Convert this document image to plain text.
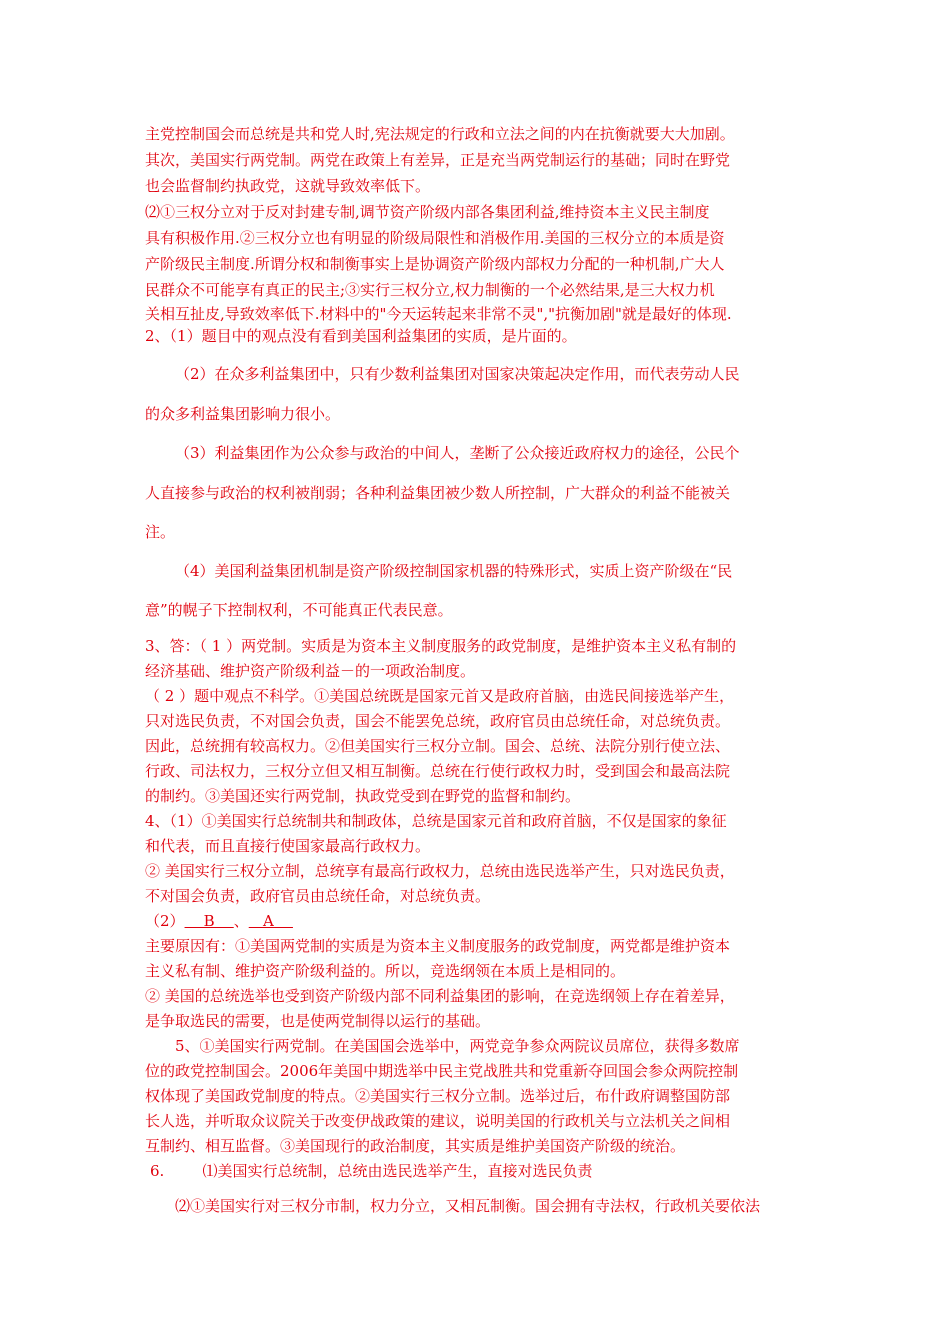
主党控制国会而总统是共和党人时,宪法规定的行政和立法之间的内在抗衡就要大大加剧。
其次，美国实行两党制。两党在政策上有差异，正是充当两党制运行的基础；同时在野党
也会监督制约执政党，这就导致效率低下。
⑵①三权分立对于反对封建专制,调节资产阶级内部各集团利益,维持资本主义民主制度
具有积极作用.②三权分立也有明显的阶级局限性和消极作用.美国的三权分立的本质是资
产阶级民主制度.所谓分权和制衡事实上是协调资产阶级内部权力分配的一种机制,广大人
民群众不可能享有真正的民主;③实行三权分立,权力制衡的一个必然结果,是三大权力机
关相互扯皮,导致效率低下.材料中的"今天运转起来非常不灵","抗衡加剧"就是最好的体现.
2、（1）题目中的观点没有看到美国利益集团的实质，是片面的。
（2）在众多利益集团中，只有少数利益集团对国家决策起决定作用，而代表劳动人民
的众多利益集团影响力很小。
（3）利益集团作为公众参与政治的中间人，垄断了公众接近政府权力的途径，公民个
人直接参与政治的权利被削弱；各种利益集团被少数人所控制，广大群众的利益不能被关
注。
（4）美国利益集团机制是资产阶级控制国家机器的特殊形式，实质上资产阶级在“民
意”的幌子下控制权利，不可能真正代表民意。
3、答：（ 1 ）两党制。实质是为资本主义制度服务的政党制度，是维护资本主义私有制的
经济基础、维护资产阶级利益－的一项政治制度。
（ 2 ）题中观点不科学。①美国总统既是国家元首又是政府首脑，由选民间接选举产生，
只对选民负责，不对国会负责，国会不能罢免总统，政府官员由总统任命，对总统负责。
因此，总统拥有较高权力。②但美国实行三权分立制。国会、总统、法院分别行使立法、
行政、司法权力，三权分立但又相互制衡。总统在行使行政权力时，受到国会和最高法院
的制约。③美国还实行两党制，执政党受到在野党的监督和制约。
4、（1）①美国实行总统制共和制政体，总统是国家元首和政府首脑，不仅是国家的象征
和代表，而且直接行使国家最高行政权力。
② 美国实行三权分立制，总统享有最高行政权力，总统由选民选举产生，只对选民负责，
不对国会负责，政府官员由总统任命，对总统负责。
（2）    B    、   A
主要原因有：①美国两党制的实质是为资本主义制度服务的政党制度，两党都是维护资本
主义私有制、维护资产阶级利益的。所以，竞选纲领在本质上是相同的。
② 美国的总统选举也受到资产阶级内部不同利益集团的影响，在竞选纲领上存在着差异，
是争取选民的需要，也是使两党制得以运行的基础。
5、①美国实行两党制。在美国国会选举中，两党竞争参众两院议员席位，获得多数席
位的政党控制国会。2006年美国中期选举中民主党战胜共和党重新夺回国会参众两院控制
权体现了美国政党制度的特点。②美国实行三权分立制。选举过后，布什政府调整国防部
长人选，并听取众议院关于改变伊战政策的建议，说明美国的行政机关与立法机关之间相
互制约、相互监督。③美国现行的政治制度，其实质是维护美国资产阶级的统治。
6.        ⑴美国实行总统制，总统由选民选举产生，直接对选民负责
⑵①美国实行对三权分市制，权力分立，又相瓦制衡。国会拥有寺法权，行政机关要依法
